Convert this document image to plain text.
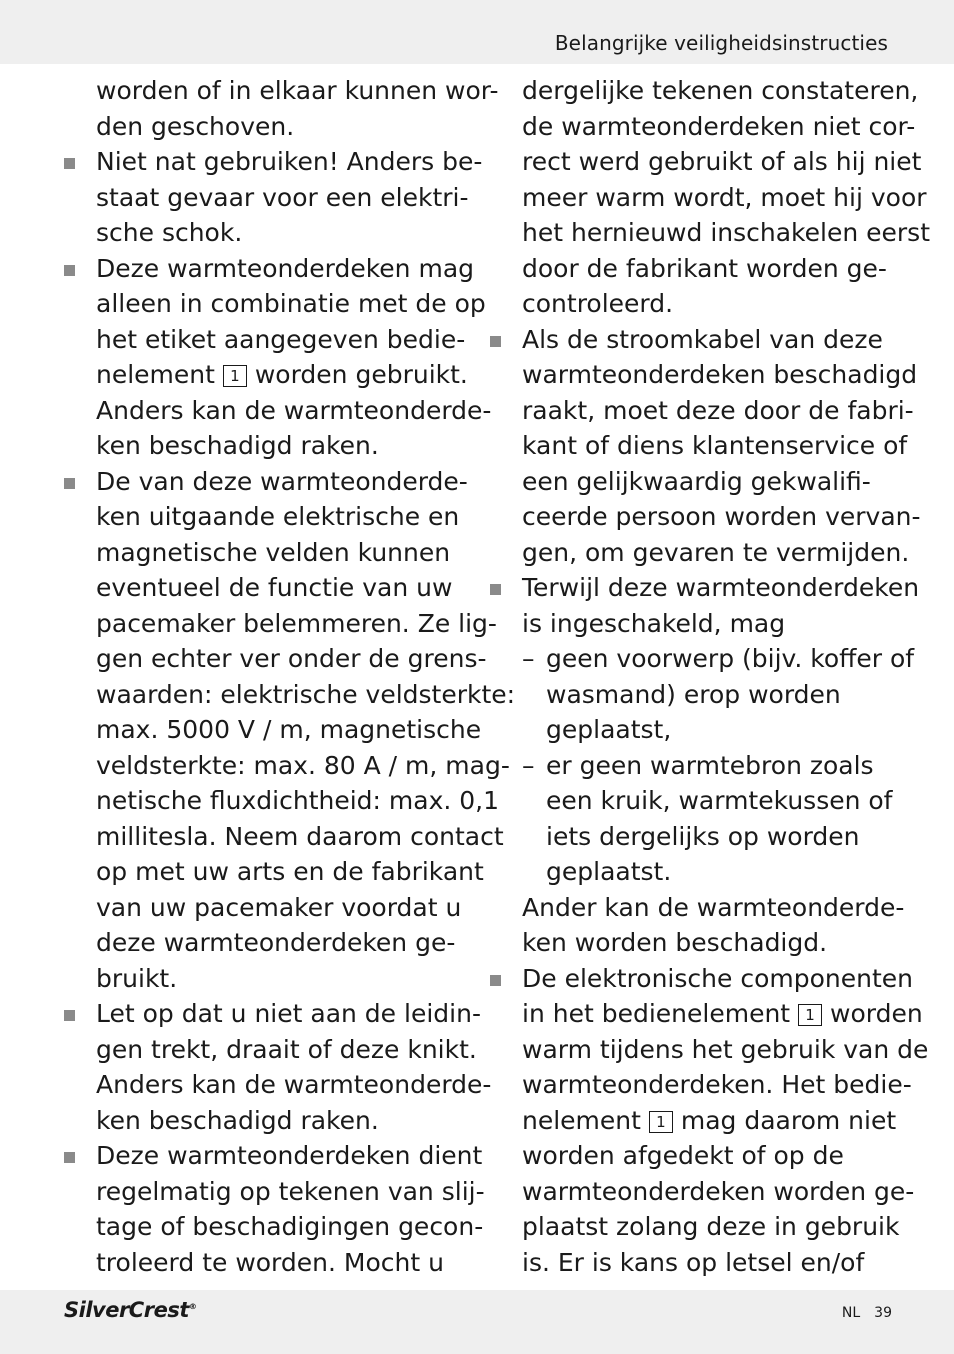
Belangrijke veiligheidsinstructies
worden of in elkaar kunnen wor-
den geschoven.
Niet nat gebruiken! Anders be-
staat gevaar voor een elektri-
sche schok.
Deze warmteonderdeken mag
alleen in combinatie met de op
het etiket aangegeven bedie-
nelement 1 worden gebruikt.
Anders kan de warmteonderde-
ken beschadigd raken.
De van deze warmteonderde-
ken uitgaande elektrische en
magnetische velden kunnen
eventueel de functie van uw
pacemaker belemmeren. Ze lig-
gen echter ver onder de grens-
waarden: elektrische veldsterkte:
max. 5000 V / m, magnetische
veldsterkte: max. 80 A / m, mag-
netische fluxdichtheid: max. 0,1
millitesla. Neem daarom contact
op met uw arts en de fabrikant
van uw pacemaker voordat u
deze warmteonderdeken ge-
bruikt.
Let op dat u niet aan de leidin-
gen trekt, draait of deze knikt.
Anders kan de warmteonderde-
ken beschadigd raken.
Deze warmteonderdeken dient
regelmatig op tekenen van slij-
tage of beschadigingen gecon-
troleerd te worden. Mocht u
dergelijke tekenen constateren,
de warmteonderdeken niet cor-
rect werd gebruikt of als hij niet
meer warm wordt, moet hij voor
het hernieuwd inschakelen eerst
door de fabrikant worden ge-
controleerd.
Als de stroomkabel van deze
warmteonderdeken beschadigd
raakt, moet deze door de fabri-
kant of diens klantenservice of
een gelijkwaardig gekwalifi-
ceerde persoon worden vervan-
gen, om gevaren te vermijden.
Terwijl deze warmteonderdeken
is ingeschakeld, mag
– geen voorwerp (bijv. koffer of
wasmand) erop worden
geplaatst,
– er geen warmtebron zoals
een kruik, warmtekussen of
iets dergelijks op worden
geplaatst.
Ander kan de warmteonderde-
ken worden beschadigd.
De elektronische componenten
in het bedienelement 1 worden
warm tijdens het gebruik van de
warmteonderdeken. Het bedie-
nelement 1 mag daarom niet
worden afgedekt of op de
warmteonderdeken worden ge-
plaatst zolang deze in gebruik
is. Er is kans op letsel en/of
SilverCrest®	NL 39
